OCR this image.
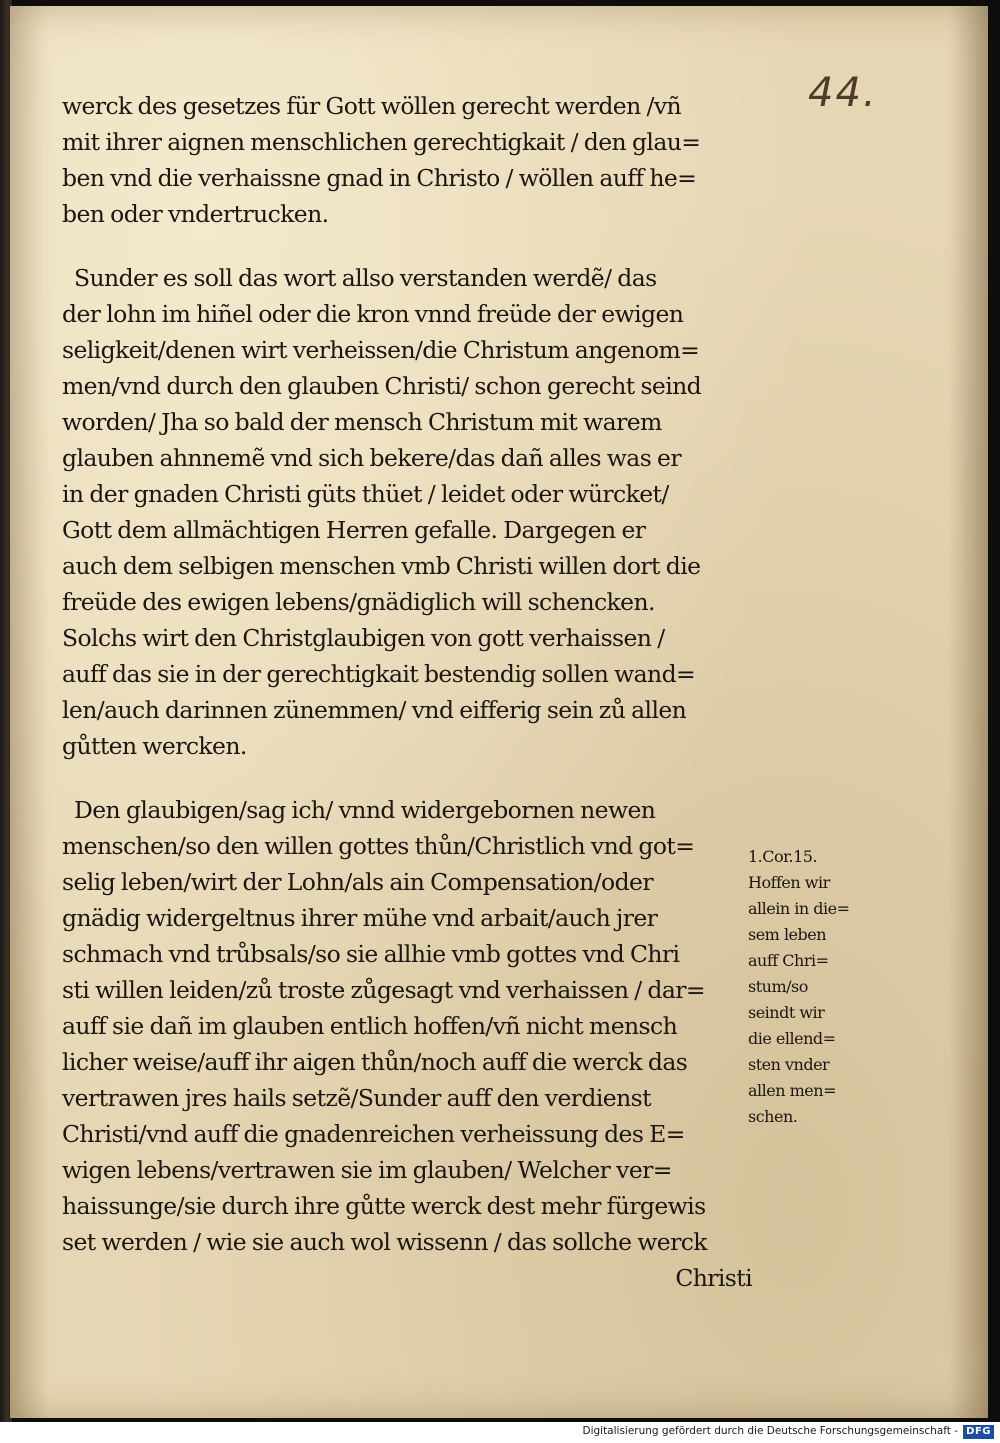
44.
werck des gesetzes für Gott wöllen gerecht werden /vñ
mit ihrer aignen menschlichen gerechtigkait / den glau=
ben vnd die verhaissne gnad in Christo / wöllen auff he=
ben oder vndertrucken.
Sunder es soll das wort allso verstanden werdẽ/ das
der lohn im hiñel oder die kron vnnd freüde der ewigen
seligkeit/denen wirt verheissen/die Christum angenom=
men/vnd durch den glauben Christi/ schon gerecht seind
worden/ Jha so bald der mensch Christum mit warem
glauben ahnnemẽ vnd sich bekere/das dañ alles was er
in der gnaden Christi güts thüet / leidet oder würcket/
Gott dem allmächtigen Herren gefalle. Dargegen er
auch dem selbigen menschen vmb Christi willen dort die
freüde des ewigen lebens/gnädiglich will schencken.
Solchs wirt den Christglaubigen von gott verhaissen /
auff das sie in der gerechtigkait bestendig sollen wand=
len/auch darinnen zünemmen/ vnd eifferig sein zů allen
gůtten wercken.
Den glaubigen/sag ich/ vnnd widergebornen newen
menschen/so den willen gottes thůn/Christlich vnd got=
selig leben/wirt der Lohn/als ain Compensation/oder
gnädig widergeltnus ihrer mühe vnd arbait/auch jrer
schmach vnd trůbsals/so sie allhie vmb gottes vnd Chri
sti willen leiden/zů troste zůgesagt vnd verhaissen / dar=
auff sie dañ im glauben entlich hoffen/vñ nicht mensch
licher weise/auff ihr aigen thůn/noch auff die werck das
vertrawen jres hails setzẽ/Sunder auff den verdienst
Christi/vnd auff die gnadenreichen verheissung des E=
wigen lebens/vertrawen sie im glauben/ Welcher ver=
haissunge/sie durch ihre gůtte werck dest mehr fürgewis
set werden / wie sie auch wol wissenn / das sollche werck
Christi
1.Cor.15.
Hoffen wir
allein in die=
sem leben
auff Chri=
stum/so
seindt wir
die ellend=
sten vnder
allen men=
schen.
Digitalisierung gefördert durch die Deutsche Forschungsgemeinschaft - DFG
